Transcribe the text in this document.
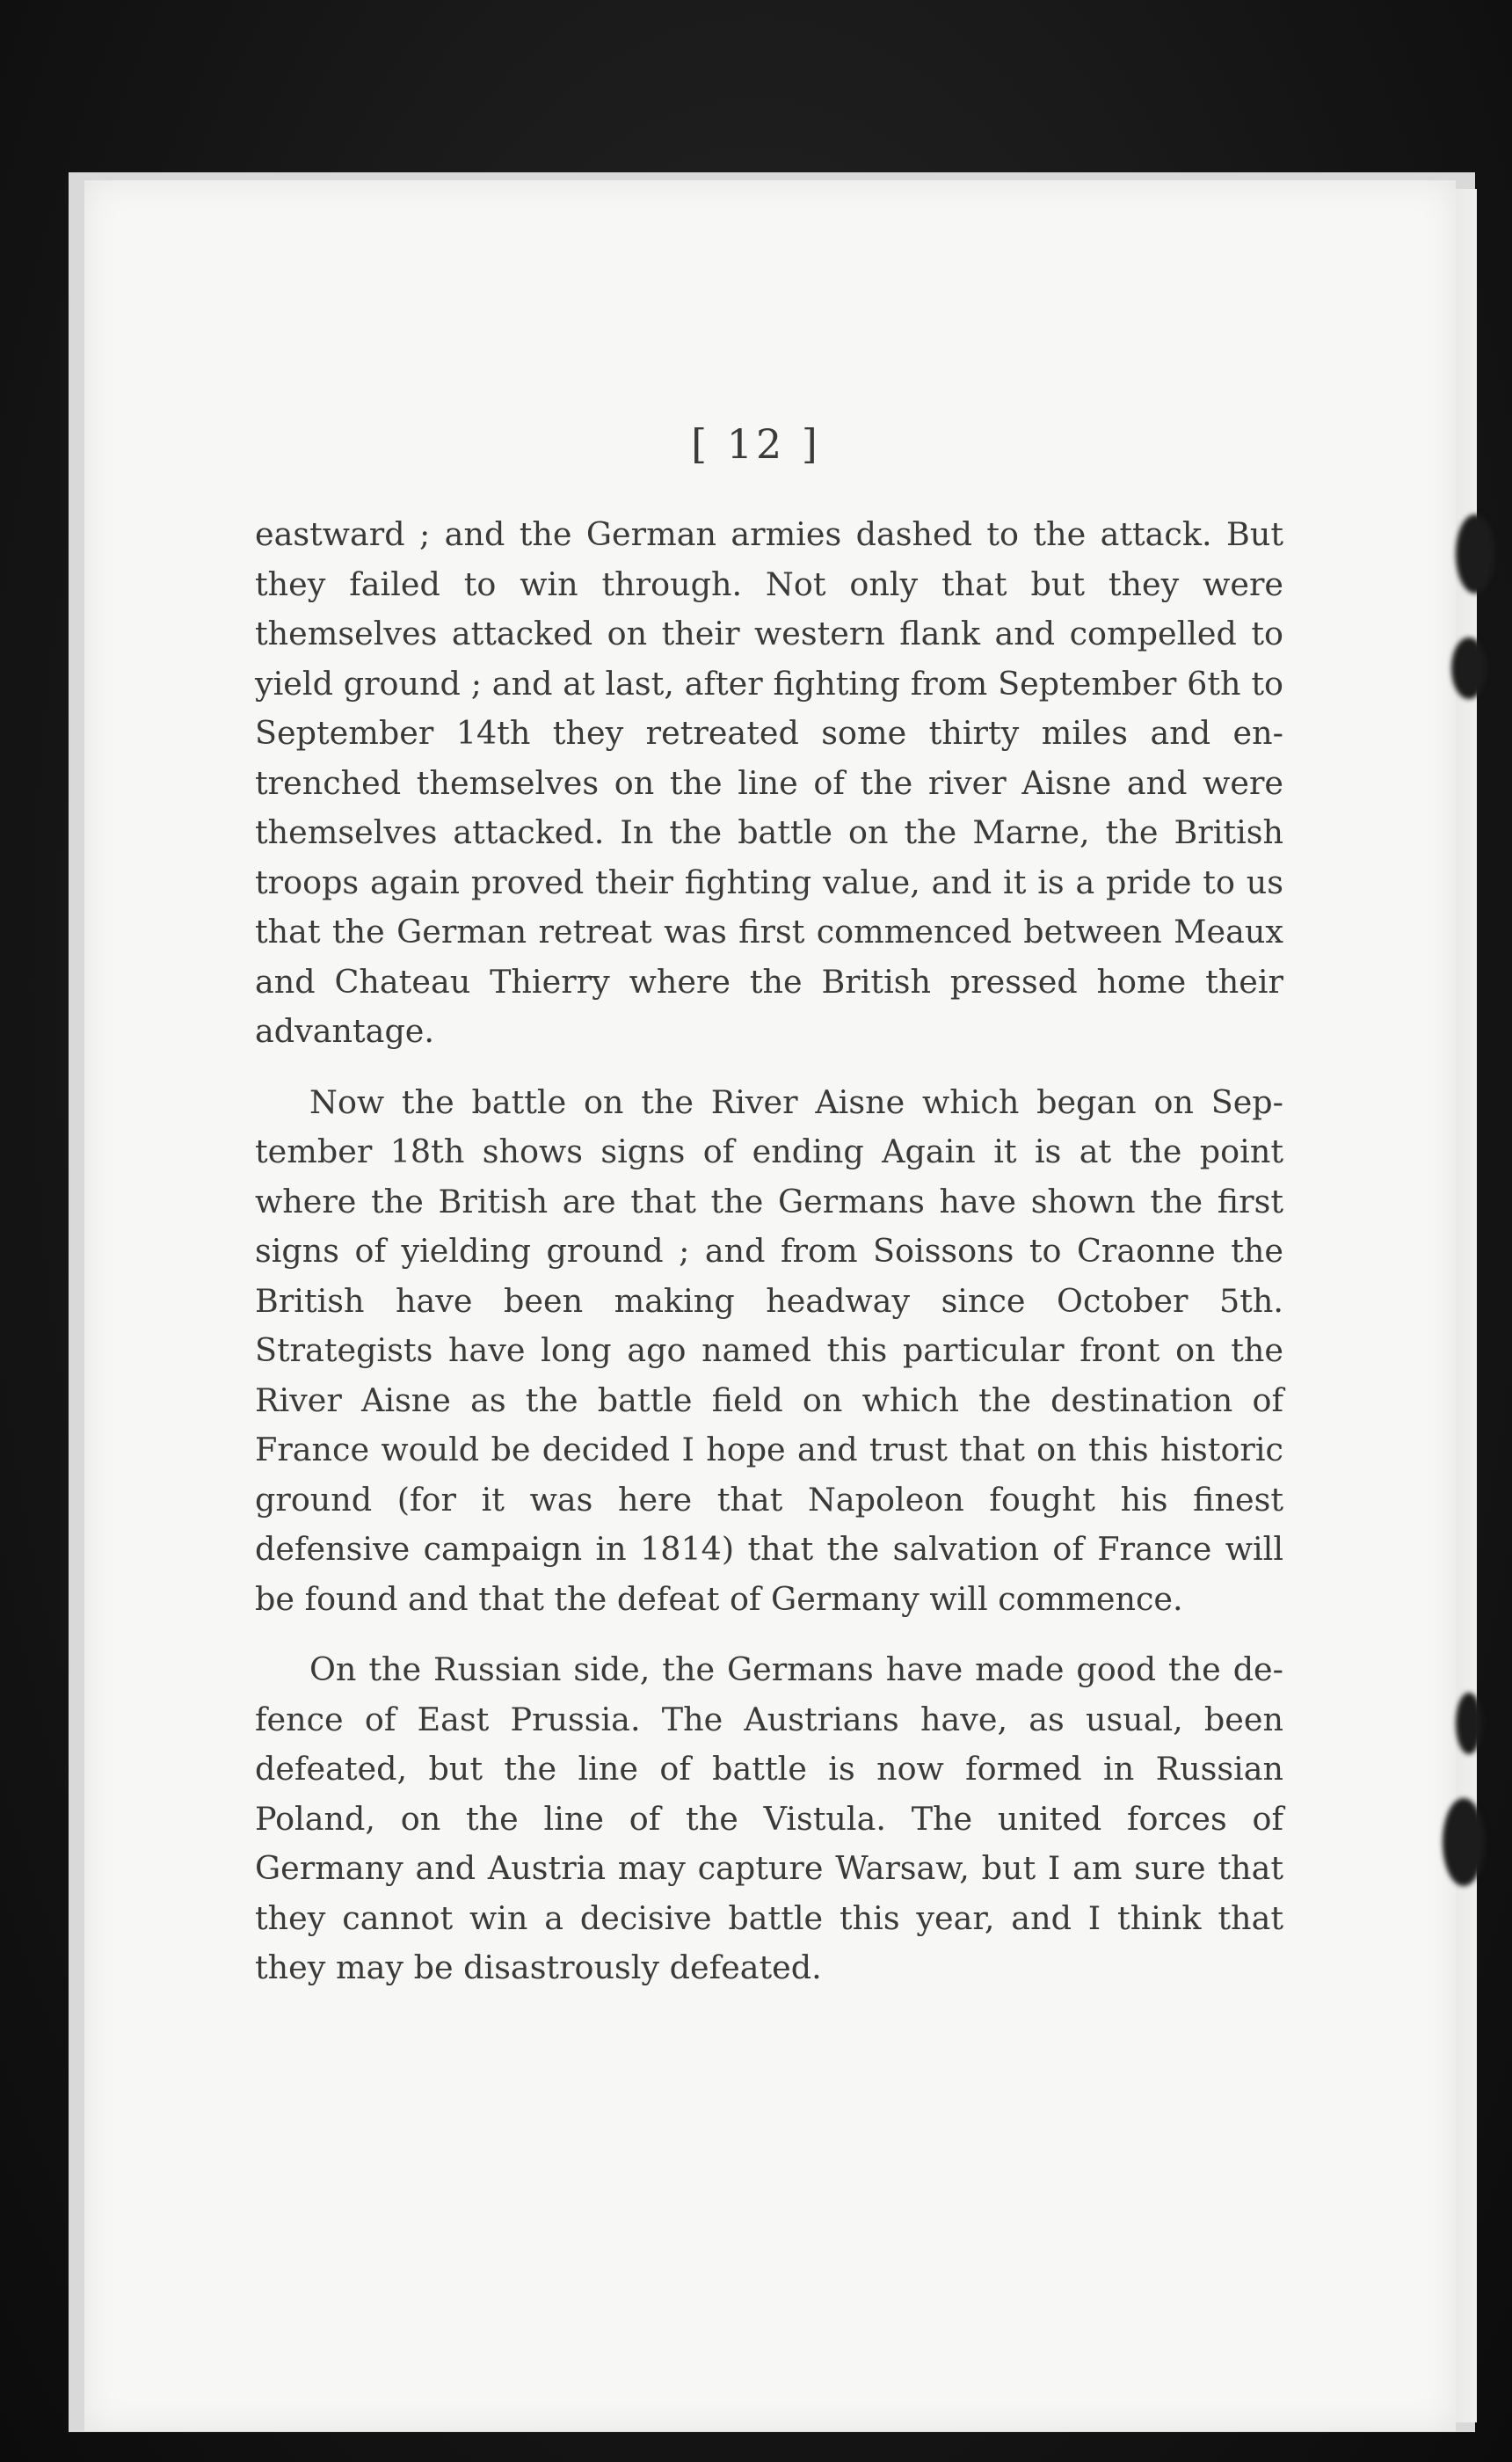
[ 12 ]

eastward ; and the German armies dashed to the attack. But they failed to win through. Not only that but they were themselves attacked on their western flank and compelled to yield ground ; and at last, after fighting from September 6th to September 14th they retreated some thirty miles and en-trenched themselves on the line of the river Aisne and were themselves attacked. In the battle on the Marne, the British troops again proved their fighting value, and it is a pride to us that the German retreat was first commenced between Meaux and Chateau Thierry where the British pressed home their advantage.

Now the battle on the River Aisne which began on Sep-tember 18th shows signs of ending Again it is at the point where the British are that the Germans have shown the first signs of yielding ground ; and from Soissons to Craonne the British have been making headway since October 5th. Strategists have long ago named this particular front on the River Aisne as the battle field on which the destination of France would be decided I hope and trust that on this historic ground (for it was here that Napoleon fought his finest defensive campaign in 1814) that the salvation of France will be found and that the defeat of Germany will commence.

On the Russian side, the Germans have made good the de-fence of East Prussia. The Austrians have, as usual, been defeated, but the line of battle is now formed in Russian Poland, on the line of the Vistula. The united forces of Germany and Austria may capture Warsaw, but I am sure that they cannot win a decisive battle this year, and I think that they may be disastrously defeated.
